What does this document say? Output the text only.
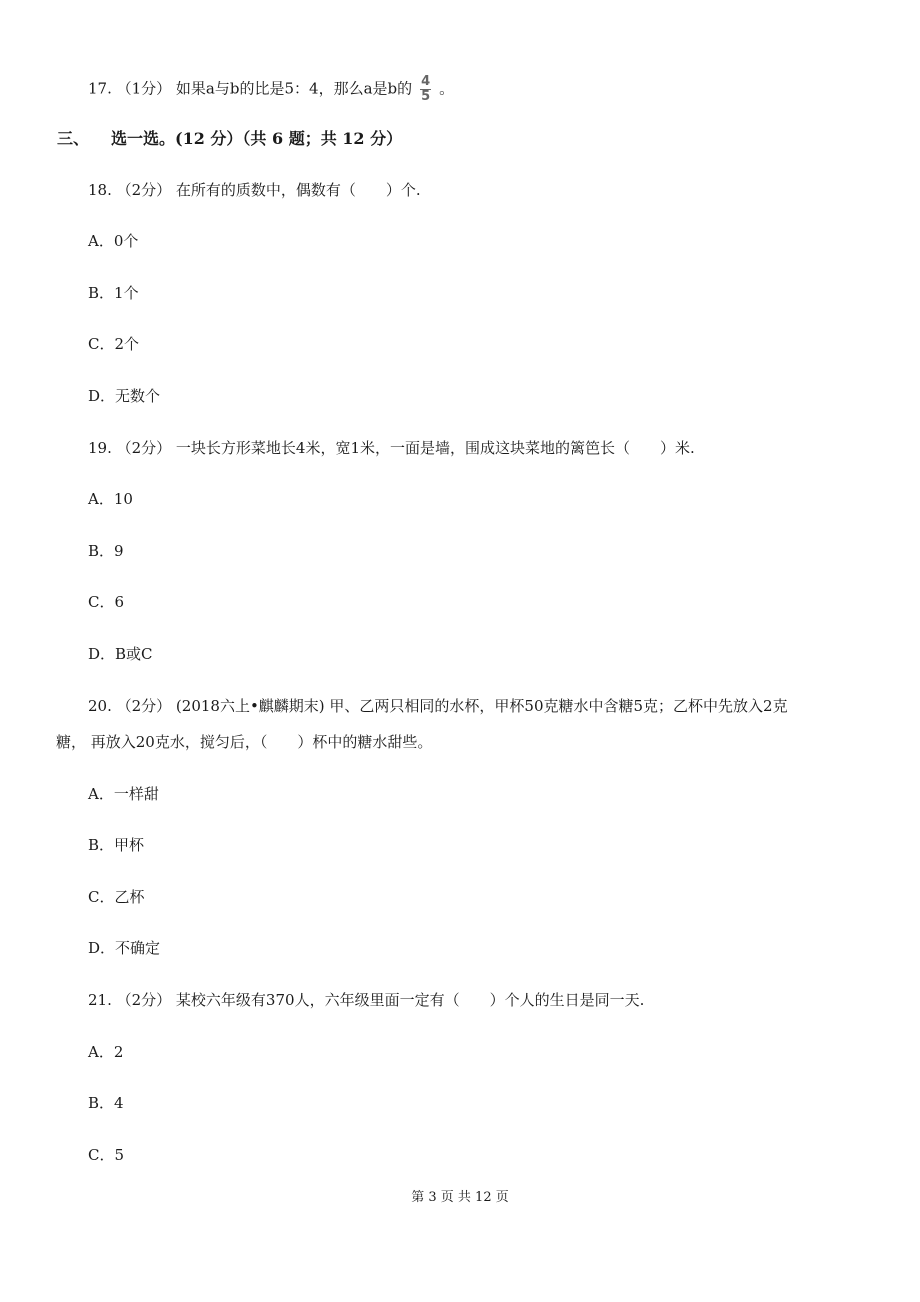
17. （1分） 如果a与b的比是5：4，那么a是b的 $\frac{4}{5}$ 。
三、 选一选。(12 分）（共 6 题；共 12 分）
18. （2分） 在所有的质数中，偶数有（　　）个.
A．0个
B．1个
C．2个
D．无数个
19. （2分） 一块长方形菜地长4米，宽1米，一面是墙，围成这块菜地的篱笆长（　　）米.
A．10
B．9
C．6
D．B或C
20. （2分） (2018六上•麒麟期末) 甲、乙两只相同的水杯，甲杯50克糖水中含糖5克；乙杯中先放入2克
糖， 再放入20克水，搅匀后，（　　）杯中的糖水甜些。
A．一样甜
B．甲杯
C．乙杯
D．不确定
21. （2分） 某校六年级有370人，六年级里面一定有（　　）个人的生日是同一天.
A．2
B．4
C．5
第 3 页 共 12 页
